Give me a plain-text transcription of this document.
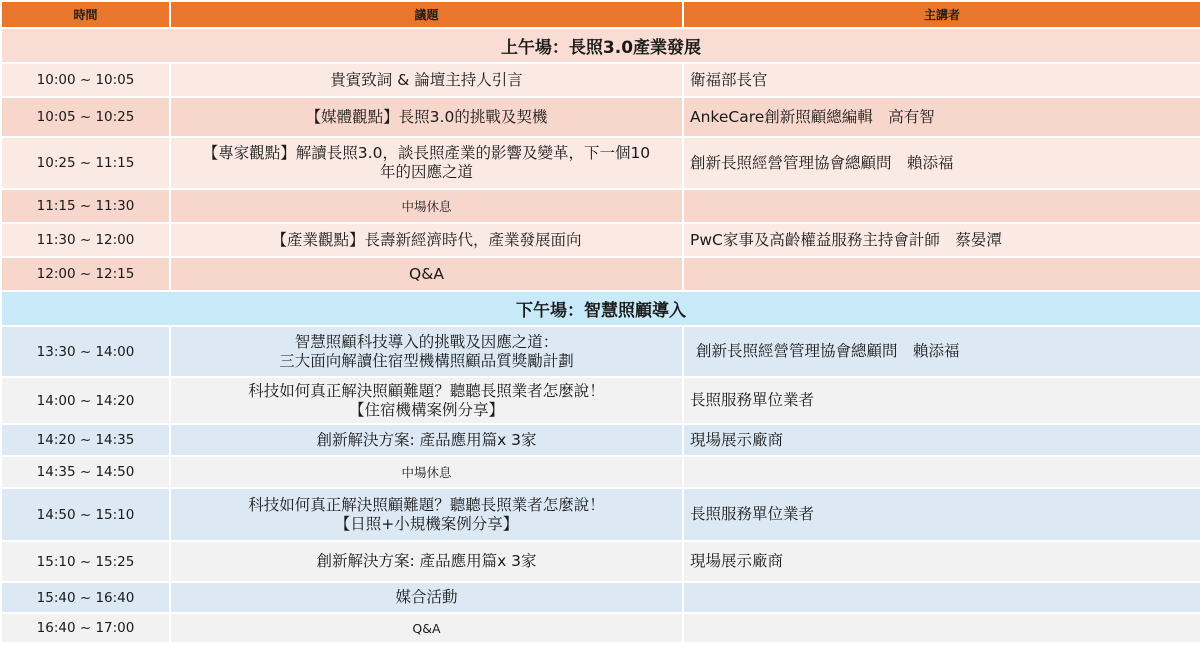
時間	議題	主講者
上午場：長照3.0產業發展		
10:00 ~ 10:05	貴賓致詞 & 論壇主持人引言	衛福部長官
10:05 ~ 10:25	【媒體觀點】長照3.0的挑戰及契機	AnkeCare創新照顧總編輯　高有智
10:25 ~ 11:15	【專家觀點】解讀長照3.0，談長照產業的影響及變革，下一個10
年的因應之道	創新長照經營管理協會總顧問　賴添福
11:15 ~ 11:30	中場休息	
11:30 ~ 12:00	【產業觀點】長壽新經濟時代，產業發展面向	PwC家事及高齡權益服務主持會計師　蔡晏潭
12:00 ~ 12:15	Q&A	
下午場：智慧照顧導入		
13:30 ~ 14:00	智慧照顧科技導入的挑戰及因應之道：
三大面向解讀住宿型機構照顧品質獎勵計劃	創新長照經營管理協會總顧問　賴添福
14:00 ~ 14:20	科技如何真正解決照顧難題？聽聽長照業者怎麼說！
【住宿機構案例分享】	長照服務單位業者
14:20 ~ 14:35	創新解決方案: 產品應用篇x 3家	現場展示廠商
14:35 ~ 14:50	中場休息	
14:50 ~ 15:10	科技如何真正解決照顧難題？聽聽長照業者怎麼說！
【日照+小規機案例分享】	長照服務單位業者
15:10 ~ 15:25	創新解決方案: 產品應用篇x 3家	現場展示廠商
15:40 ~ 16:40	媒合活動	
16:40 ~ 17:00	Q&A	
